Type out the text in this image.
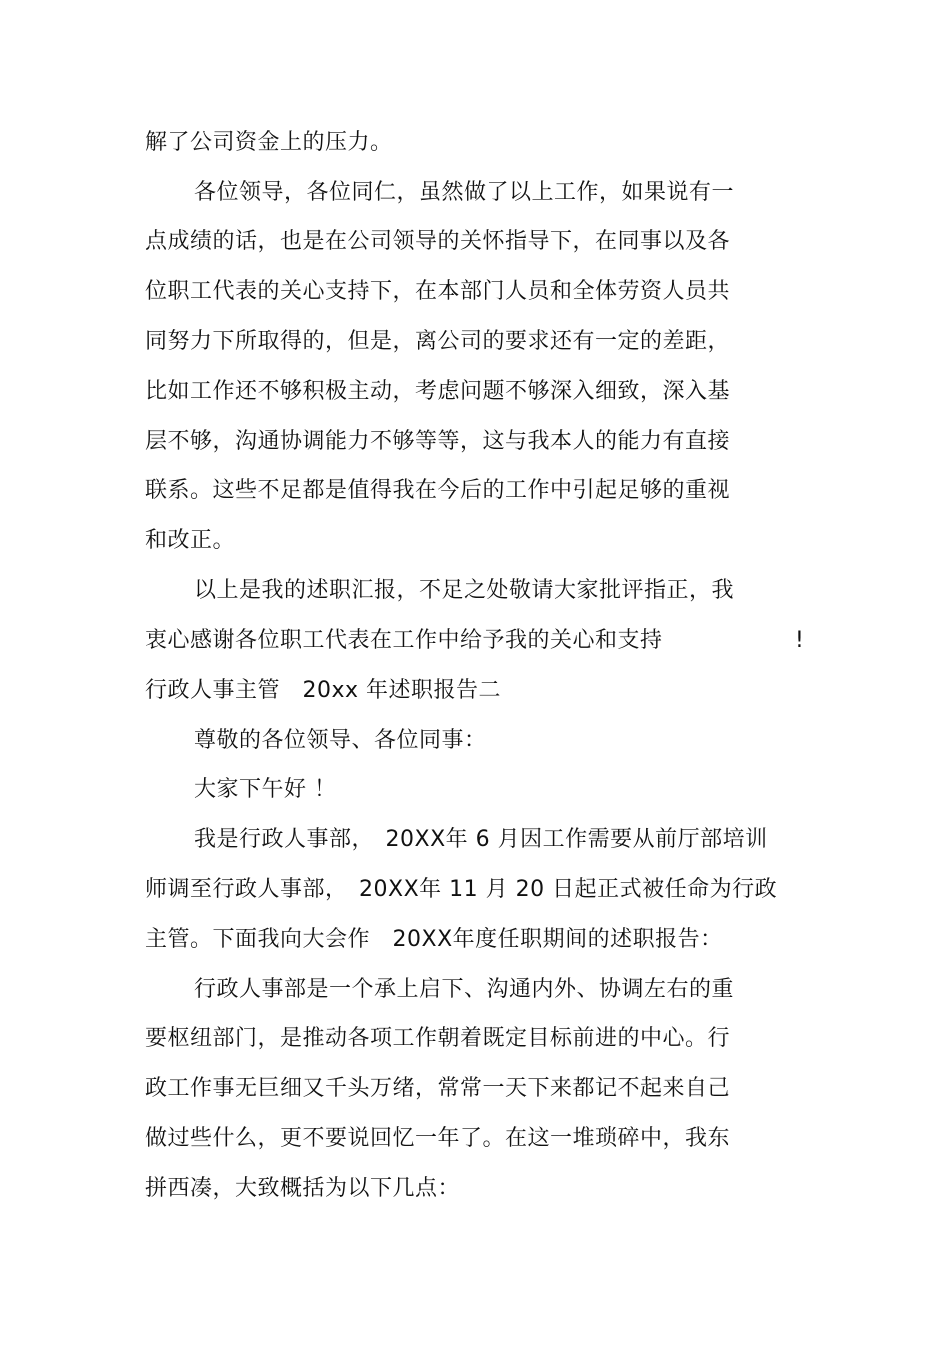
解了公司资金上的压力。
各位领导，各位同仁，虽然做了以上工作，如果说有一
点成绩的话，也是在公司领导的关怀指导下，在同事以及各
位职工代表的关心支持下，在本部门人员和全体劳资人员共
同努力下所取得的，但是，离公司的要求还有一定的差距，
比如工作还不够积极主动，考虑问题不够深入细致，深入基
层不够，沟通协调能力不够等等，这与我本人的能力有直接
联系。这些不足都是值得我在今后的工作中引起足够的重视
和改正。
以上是我的述职汇报，不足之处敬请大家批评指正，我
衷心感谢各位职工代表在工作中给予我的关心和支持	!
行政人事主管　20xx 年述职报告二
尊敬的各位领导、各位同事：
大家下午好 ！
我是行政人事部，　20XX年 6 月因工作需要从前厅部培训
师调至行政人事部，　20XX年 11 月 20 日起正式被任命为行政
主管。下面我向大会作　20XX年度任职期间的述职报告：
行政人事部是一个承上启下、沟通内外、协调左右的重
要枢纽部门，是推动各项工作朝着既定目标前进的中心。行
政工作事无巨细又千头万绪，常常一天下来都记不起来自己
做过些什么，更不要说回忆一年了。在这一堆琐碎中，我东
拼西凑，大致概括为以下几点：
